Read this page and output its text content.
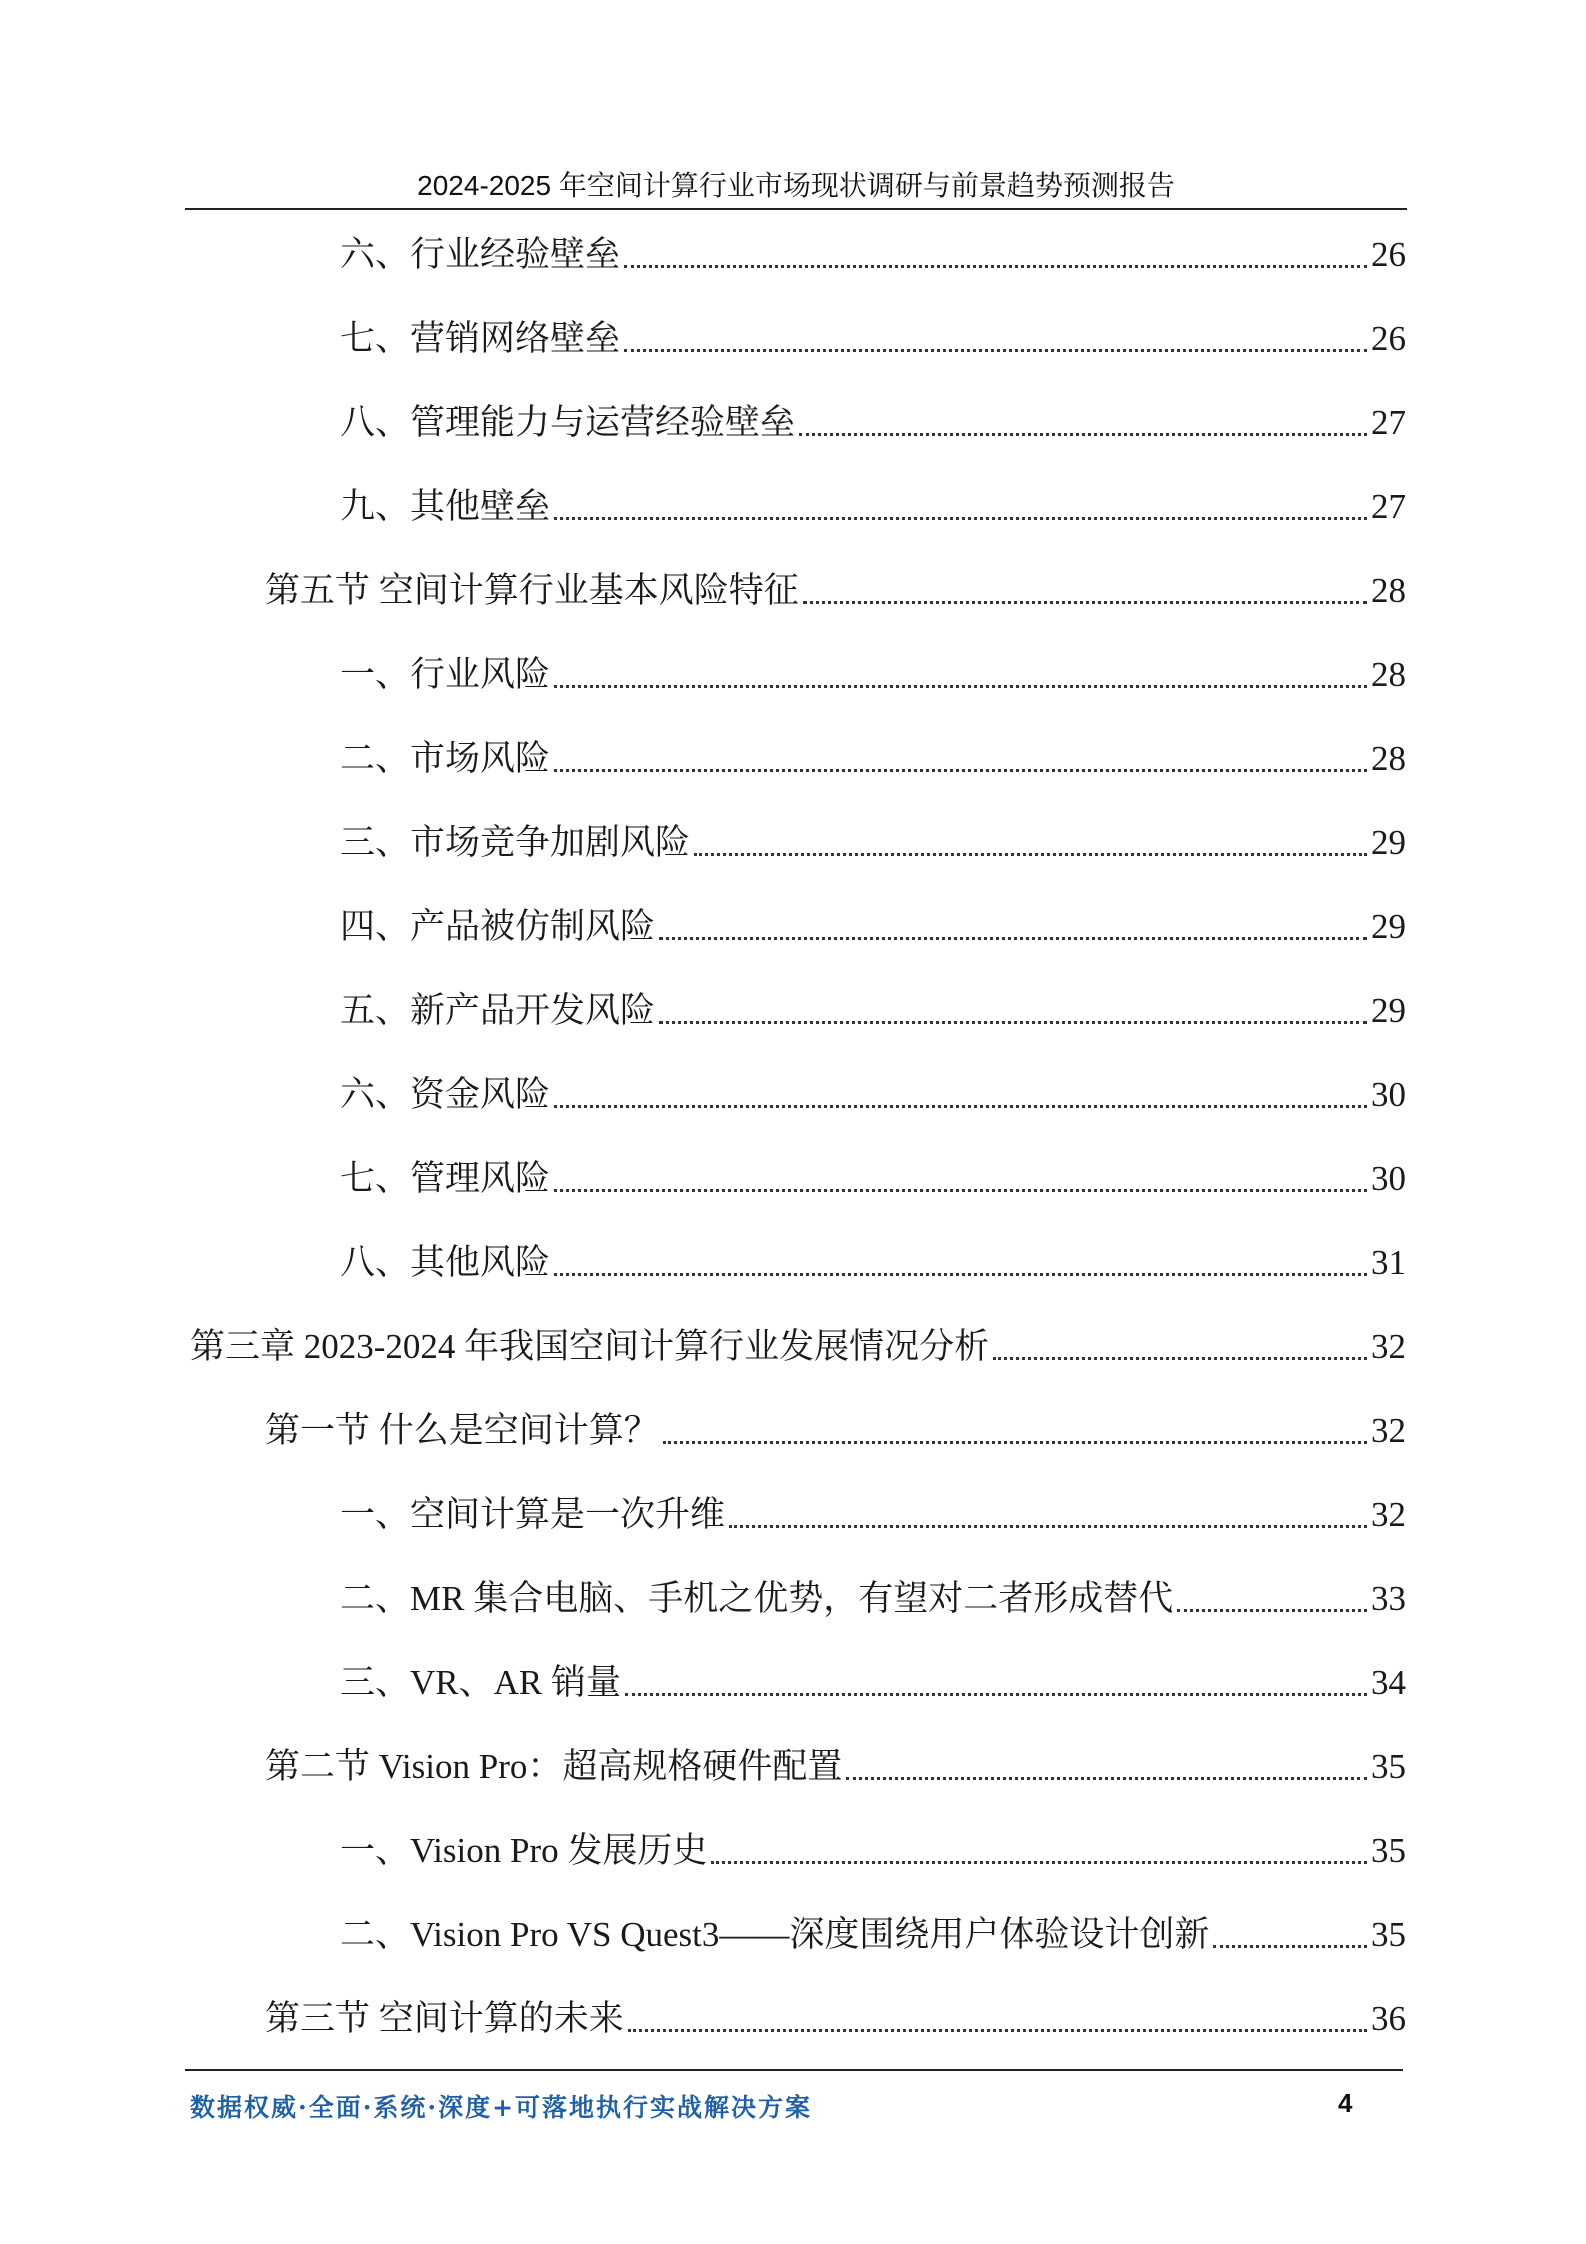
2024-2025 年空间计算行业市场现状调研与前景趋势预测报告
六、行业经验壁垒	26
七、营销网络壁垒	26
八、管理能力与运营经验壁垒	27
九、其他壁垒	27
第五节 空间计算行业基本风险特征	28
一、行业风险	28
二、市场风险	28
三、市场竞争加剧风险	29
四、产品被仿制风险	29
五、新产品开发风险	29
六、资金风险	30
七、管理风险	30
八、其他风险	31
第三章 2023-2024 年我国空间计算行业发展情况分析	32
第一节 什么是空间计算？	32
一、空间计算是一次升维	32
二、MR 集合电脑、手机之优势，有望对二者形成替代	33
三、VR、AR 销量	34
第二节 Vision Pro：超高规格硬件配置	35
一、Vision Pro 发展历史	35
二、Vision Pro VS Quest3——深度围绕用户体验设计创新	35
第三节 空间计算的未来	36
数据权威·全面·系统·深度+可落地执行实战解决方案	4
